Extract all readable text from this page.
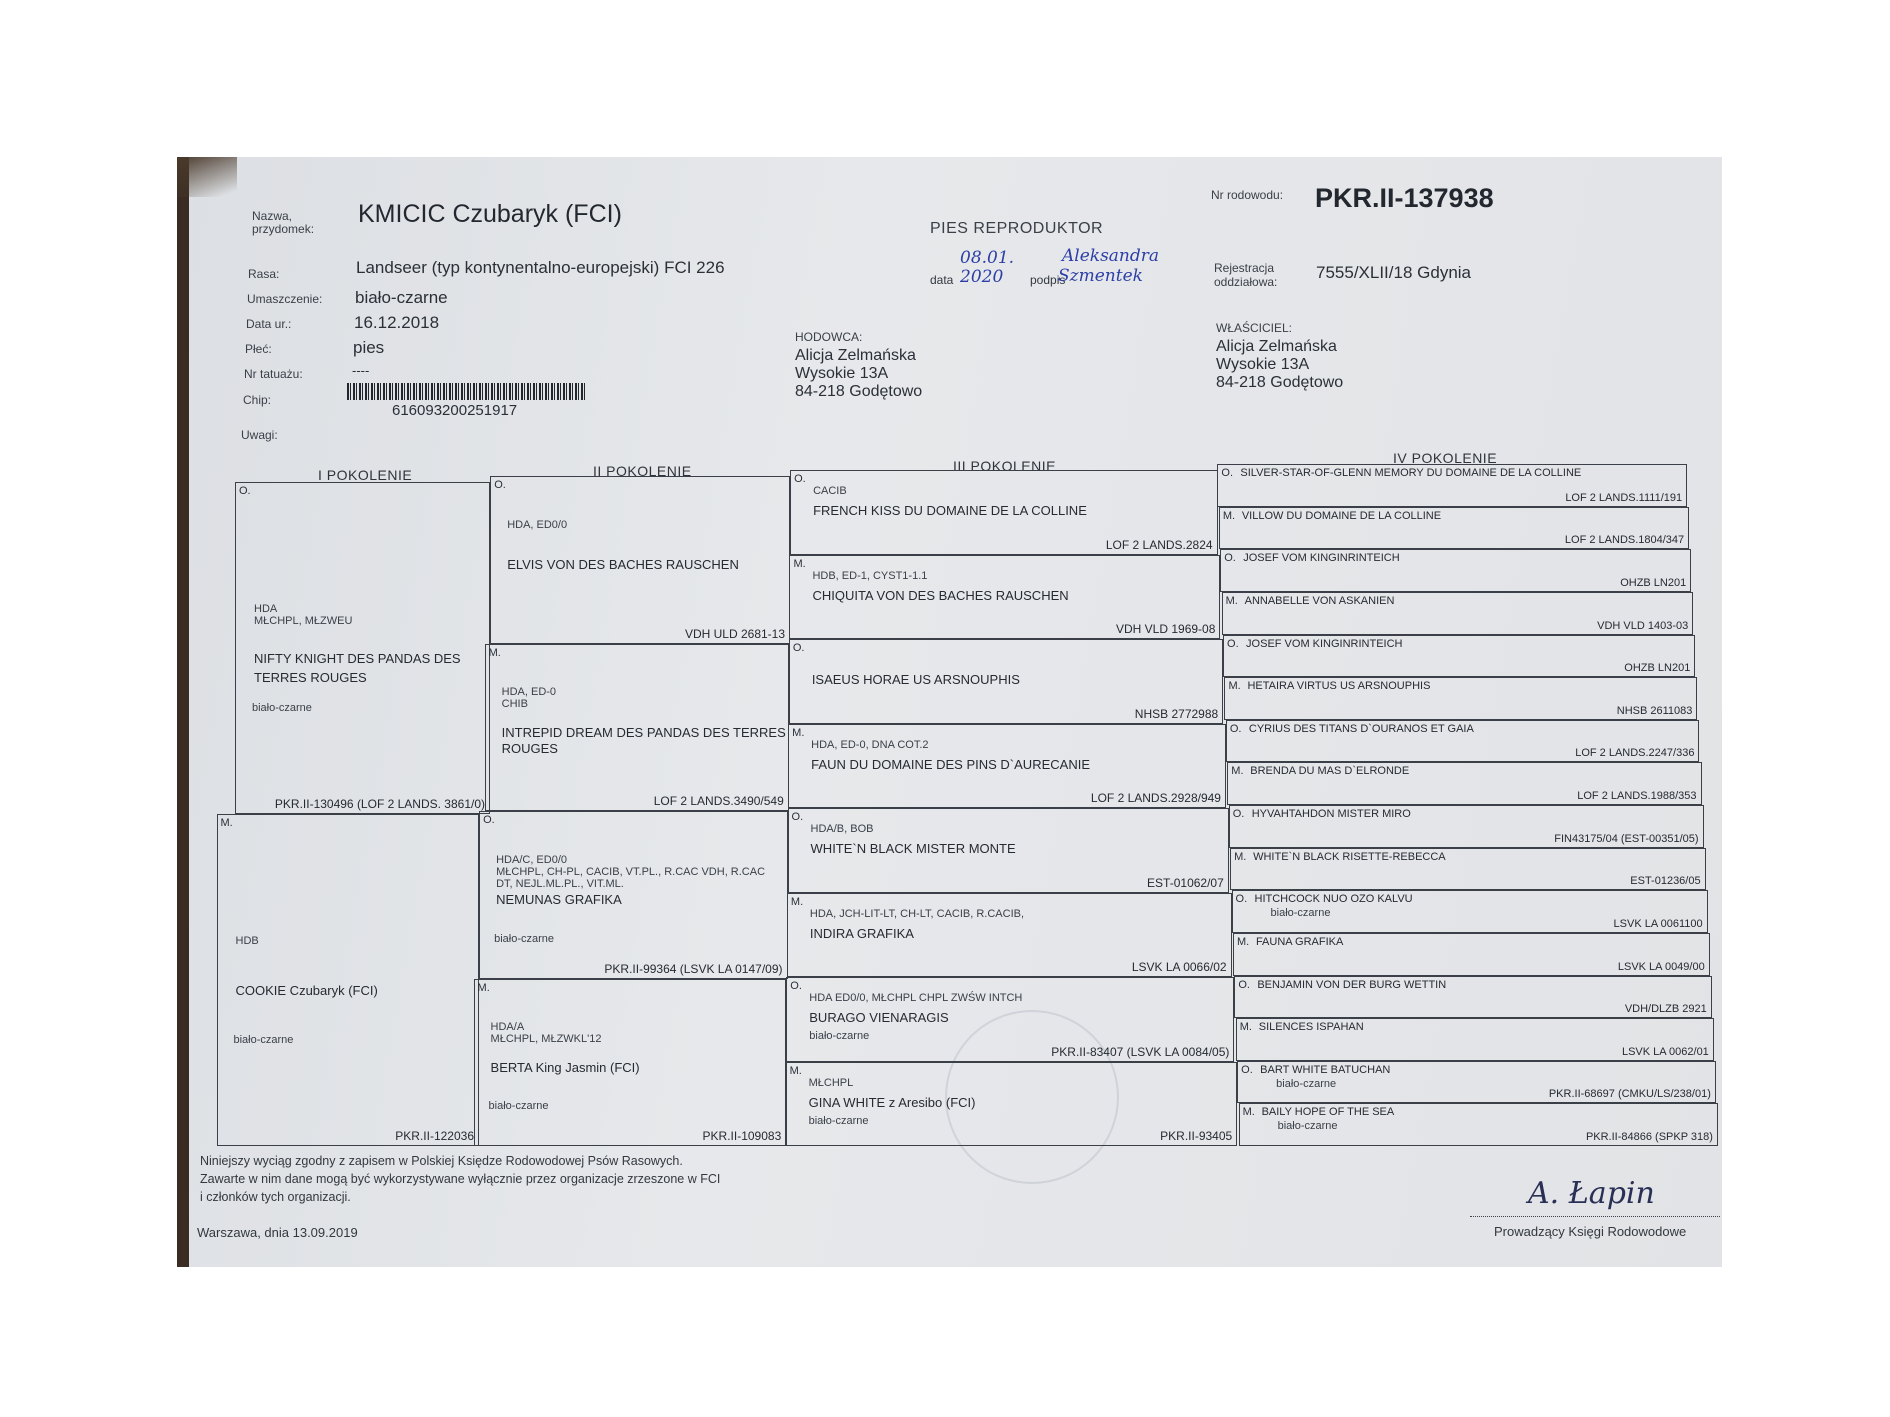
Nazwa,
przydomek:
KMICIC Czubaryk (FCI)
Rasa:	Landseer (typ kontynentalno-europejski) FCI 226
Umaszczenie: biało-czarne
Data ur.:	16.12.2018
Płeć:	pies
Nr tatuażu:	----
Chip:
616093200251917
Uwagi:
PIES REPRODUKTOR
08.01.
2020
data	podpis
Aleksandra
Szmentek
HODOWCA:
Alicja Zelmańska
Wysokie 13A
84-218 Godętowo
Nr rodowodu: PKR.II-137938
Rejestracja
oddziałowa: 7555/XLII/18 Gdynia
WŁAŚCICIEL:
Alicja Zelmańska
Wysokie 13A
84-218 Godętowo
I POKOLENIE	II POKOLENIE	III POKOLENIE	IV POKOLENIE
O.
HDA
MŁCHPL, MŁZWEU
NIFTY KNIGHT DES PANDAS DES
TERRES ROUGES
biało-czarne
PKR.II-130496 (LOF 2 LANDS. 3861/0)
M.
HDB
COOKIE Czubaryk (FCI)
biało-czarne
PKR.II-122036
O.
HDA, ED0/0
ELVIS VON DES BACHES RAUSCHEN
VDH ULD 2681-13
M.
HDA, ED-0
CHIB
INTREPID DREAM DES PANDAS DES TERRES
ROUGES
LOF 2 LANDS.3490/549
O.
HDA/C, ED0/0
MŁCHPL, CH-PL, CACIB, VT.PL., R.CAC VDH, R.CAC
DT, NEJL.ML.PL., VIT.ML.
NEMUNAS GRAFIKA
biało-czarne
PKR.II-99364 (LSVK LA 0147/09)
M.
HDA/A
MŁCHPL, MŁZWKL'12
BERTA King Jasmin (FCI)
biało-czarne
PKR.II-109083
O.
CACIB
FRENCH KISS DU DOMAINE DE LA COLLINE
LOF 2 LANDS.2824
M.
HDB, ED-1, CYST1-1.1
CHIQUITA VON DES BACHES RAUSCHEN
VDH VLD 1969-08
O.
ISAEUS HORAE US ARSNOUPHIS
NHSB 2772988
M.
HDA, ED-0, DNA COT.2
FAUN DU DOMAINE DES PINS D`AURECANIE
LOF 2 LANDS.2928/949
O.
HDA/B, BOB
WHITE`N BLACK MISTER MONTE
EST-01062/07
M.
HDA, JCH-LIT-LT, CH-LT, CACIB, R.CACIB,
INDIRA GRAFIKA
LSVK LA 0066/02
O.
HDA ED0/0, MŁCHPL CHPL ZWŚW INTCH
BURAGO VIENARAGIS
biało-czarne
PKR.II-83407 (LSVK LA 0084/05)
M.
MŁCHPL
GINA WHITE z Aresibo (FCI)
biało-czarne
PKR.II-93405
O. SILVER-STAR-OF-GLENN MEMORY DU DOMAINE DE LA COLLINE
LOF 2 LANDS.1111/191
M. VILLOW DU DOMAINE DE LA COLLINE
LOF 2 LANDS.1804/347
O. JOSEF VOM KINGINRINTEICH
OHZB LN201
M. ANNABELLE VON ASKANIEN
VDH VLD 1403-03
O. JOSEF VOM KINGINRINTEICH
OHZB LN201
M. HETAIRA VIRTUS US ARSNOUPHIS
NHSB 2611083
O. CYRIUS DES TITANS D`OURANOS ET GAIA
LOF 2 LANDS.2247/336
M. BRENDA DU MAS D`ELRONDE
LOF 2 LANDS.1988/353
O. HYVAHTAHDON MISTER MIRO
FIN43175/04 (EST-00351/05)
M. WHITE`N BLACK RISETTE-REBECCA
EST-01236/05
O. HITCHCOCK NUO OZO KALVU
biało-czarne
LSVK LA 0061100
M. FAUNA GRAFIKA
LSVK LA 0049/00
O. BENJAMIN VON DER BURG WETTIN
VDH/DLZB 2921
M. SILENCES ISPAHAN
LSVK LA 0062/01
O. BART WHITE BATUCHAN
biało-czarne
PKR.II-68697 (CMKU/LS/238/01)
M. BAILY HOPE OF THE SEA
biało-czarne
PKR.II-84866 (SPKP 318)
Niniejszy wyciąg zgodny z zapisem w Polskiej Księdze Rodowodowej Psów Rasowych.
Zawarte w nim dane mogą być wykorzystywane wyłącznie przez organizacje zrzeszone w FCI
i członków tych organizacji.
Warszawa, dnia 13.09.2019
A. Łapin
Prowadzący Księgi Rodowodowe
